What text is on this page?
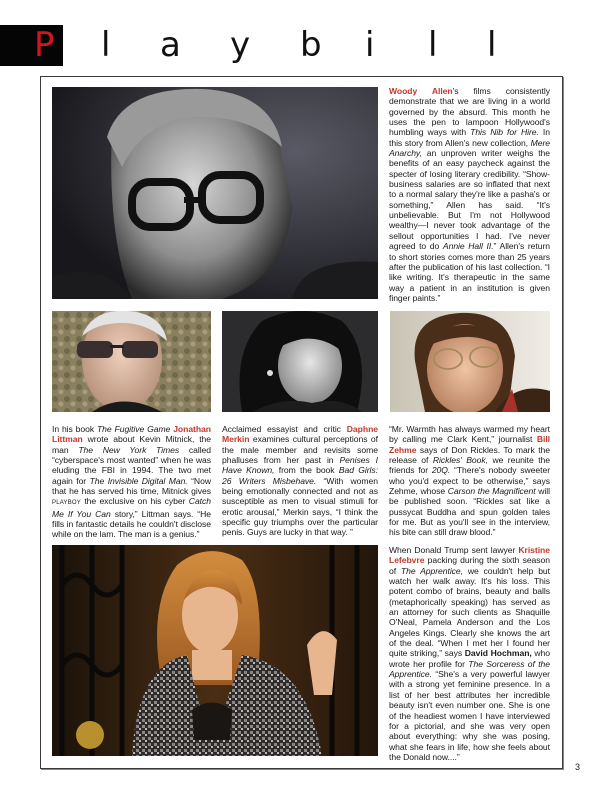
P l a y b i l l
Woody Allen's films consistently demonstrate that we are living in a world governed by the absurd. This month he uses the pen to lampoon Hollywood's humbling ways with This Nib for Hire. In this story from Allen's new collection, Mere Anarchy, an unproven writer weighs the benefits of an easy paycheck against the specter of losing literary credibility. “Show-business salaries are so inflated that next to a normal salary they're like a pasha's or something,” Allen has said. “It's unbelievable. But I'm not Hollywood wealthy—I never took advantage of the sellout opportunities I had. I've never agreed to do Annie Hall II.” Allen's return to short stories comes more than 25 years after the publication of his last collection. “I like writing. It's therapeutic in the same way a patient in an institution is given finger paints.”
In his book The Fugitive Game Jonathan Littman wrote about Kevin Mitnick, the man The New York Times called “cyberspace's most wanted” when he was eluding the FBI in 1994. The two met again for The Invisible Digital Man. “Now that he has served his time, Mitnick gives PLAYBOY the exclusive on his cyber Catch Me If You Can story,” Littman says. “He fills in fantastic details he couldn't disclose while on the lam. The man is a genius.”
Acclaimed essayist and critic Daphne Merkin examines cultural perceptions of the male member and revisits some phalluses from her past in Penises I Have Known, from the book Bad Girls: 26 Writers Misbehave. “With women being emotionally connected and not as susceptible as men to visual stimuli for erotic arousal,” Merkin says, “I think the specific guy triumphs over the particular penis. Guys are lucky in that way. ”
“Mr. Warmth has always warmed my heart by calling me Clark Kent,” journalist Bill Zehme says of Don Rickles. To mark the release of Rickles' Book, we reunite the friends for 20Q. “There's nobody sweeter who you'd expect to be otherwise,” says Zehme, whose Carson the Magnificent will be published soon. “Rickles sat like a pussycat Buddha and spun golden tales for me. But as you'll see in the interview, his bite can still draw blood.”
When Donald Trump sent lawyer Kristine Lefebvre packing during the sixth season of The Apprentice, we couldn't help but watch her walk away. It's his loss. This potent combo of brains, beauty and balls (metaphorically speaking) has served as an attorney for such clients as Shaquille O'Neal, Pamela Anderson and the Los Angeles Kings. Clearly she knows the art of the deal. “When I met her I found her quite striking,” says David Hochman, who wrote her profile for The Sorceress of the Apprentice. “She's a very powerful lawyer with a strong yet feminine presence. In a list of her best attributes her incredible beauty isn't even number one. She is one of the headiest women I have interviewed for a pictorial, and she was very open about everything: why she was posing, what she fears in life, how she feels about the Donald now....”
3
